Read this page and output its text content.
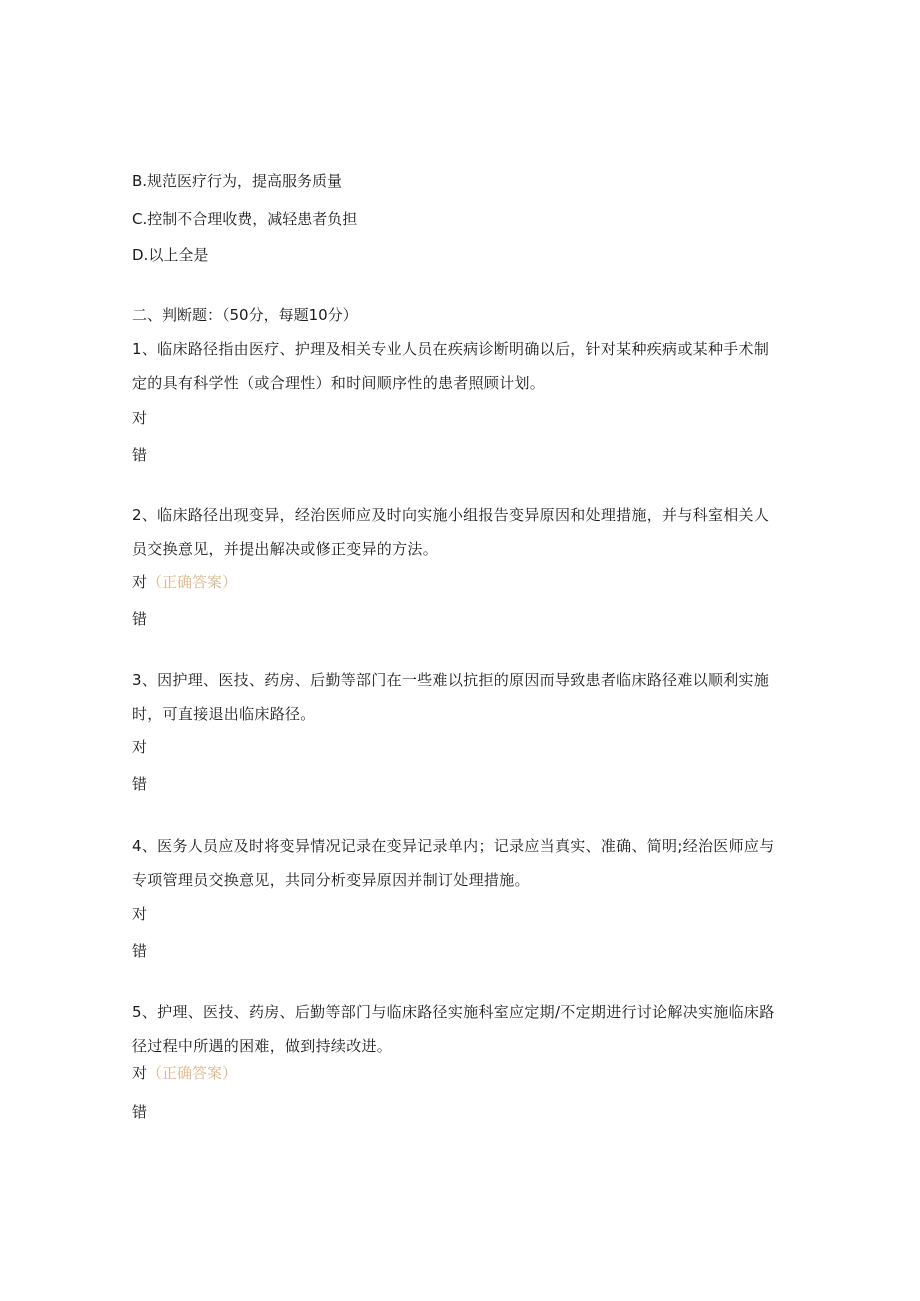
B.规范医疗行为，提高服务质量
C.控制不合理收费，减轻患者负担
D.以上全是
二、判断题：（50分，每题10分）
1、临床路径指由医疗、护理及相关专业人员在疾病诊断明确以后，针对某种疾病或某种手术制定的具有科学性（或合理性）和时间顺序性的患者照顾计划。
对
错
2、临床路径出现变异，经治医师应及时向实施小组报告变异原因和处理措施，并与科室相关人员交换意见，并提出解决或修正变异的方法。
对（正确答案）
错
3、因护理、医技、药房、后勤等部门在一些难以抗拒的原因而导致患者临床路径难以顺利实施时，可直接退出临床路径。
对
错
4、医务人员应及时将变异情况记录在变异记录单内；记录应当真实、准确、简明;经治医师应与专项管理员交换意见，共同分析变异原因并制订处理措施。
对
错
5、护理、医技、药房、后勤等部门与临床路径实施科室应定期/不定期进行讨论解决实施临床路径过程中所遇的困难，做到持续改进。
对（正确答案）
错
